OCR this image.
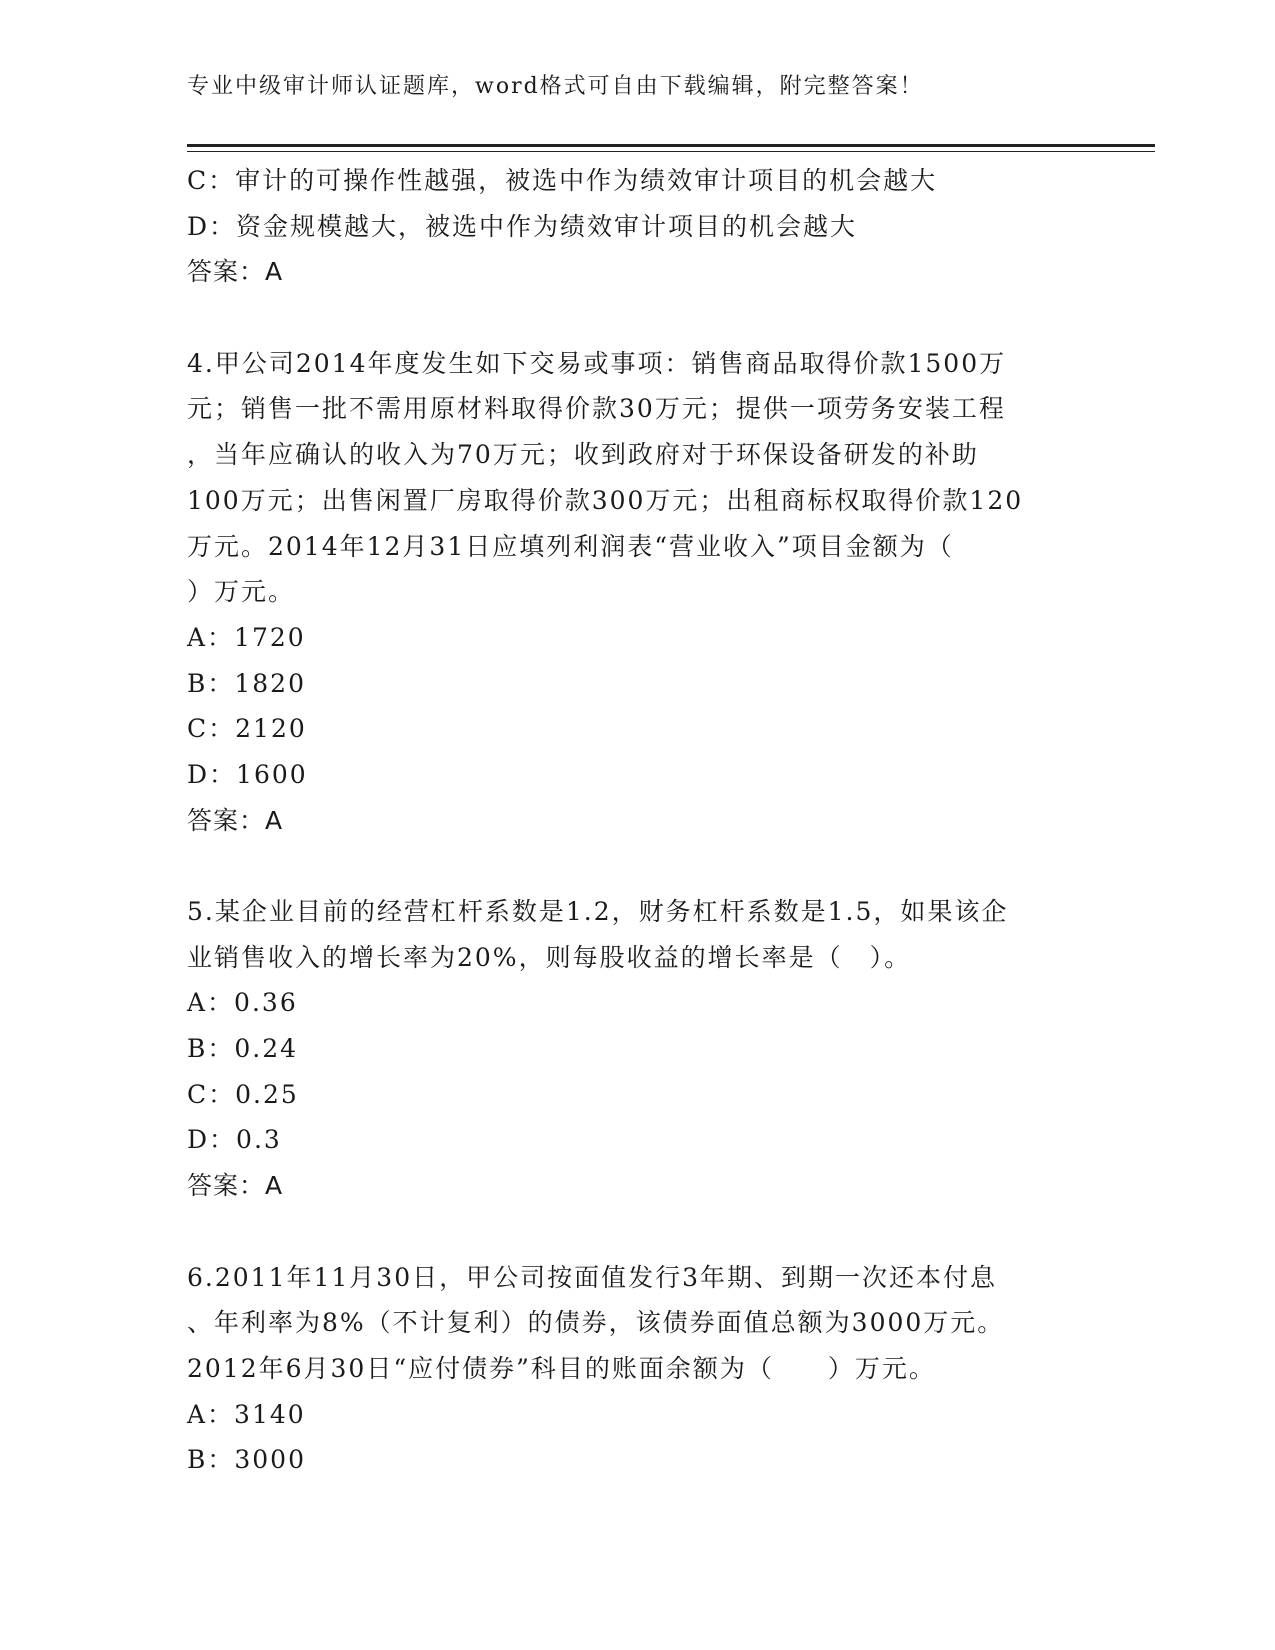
专业中级审计师认证题库，word格式可自由下载编辑，附完整答案！
C：审计的可操作性越强，被选中作为绩效审计项目的机会越大
D：资金规模越大，被选中作为绩效审计项目的机会越大
答案：A
4.甲公司2014年度发生如下交易或事项：销售商品取得价款1500万
元；销售一批不需用原材料取得价款30万元；提供一项劳务安装工程
，当年应确认的收入为70万元；收到政府对于环保设备研发的补助
100万元；出售闲置厂房取得价款300万元；出租商标权取得价款120
万元。2014年12月31日应填列利润表“营业收入”项目金额为（
）万元。
A：1720
B：1820
C：2120
D：1600
答案：A
5.某企业目前的经营杠杆系数是1.2，财务杠杆系数是1.5，如果该企
业销售收入的增长率为20%，则每股收益的增长率是（　）。
A：0.36
B：0.24
C：0.25
D：0.3
答案：A
6.2011年11月30日，甲公司按面值发行3年期、到期一次还本付息
、年利率为8%（不计复利）的债券，该债券面值总额为3000万元。
2012年6月30日“应付债券”科目的账面余额为（　　）万元。
A：3140
B：3000
